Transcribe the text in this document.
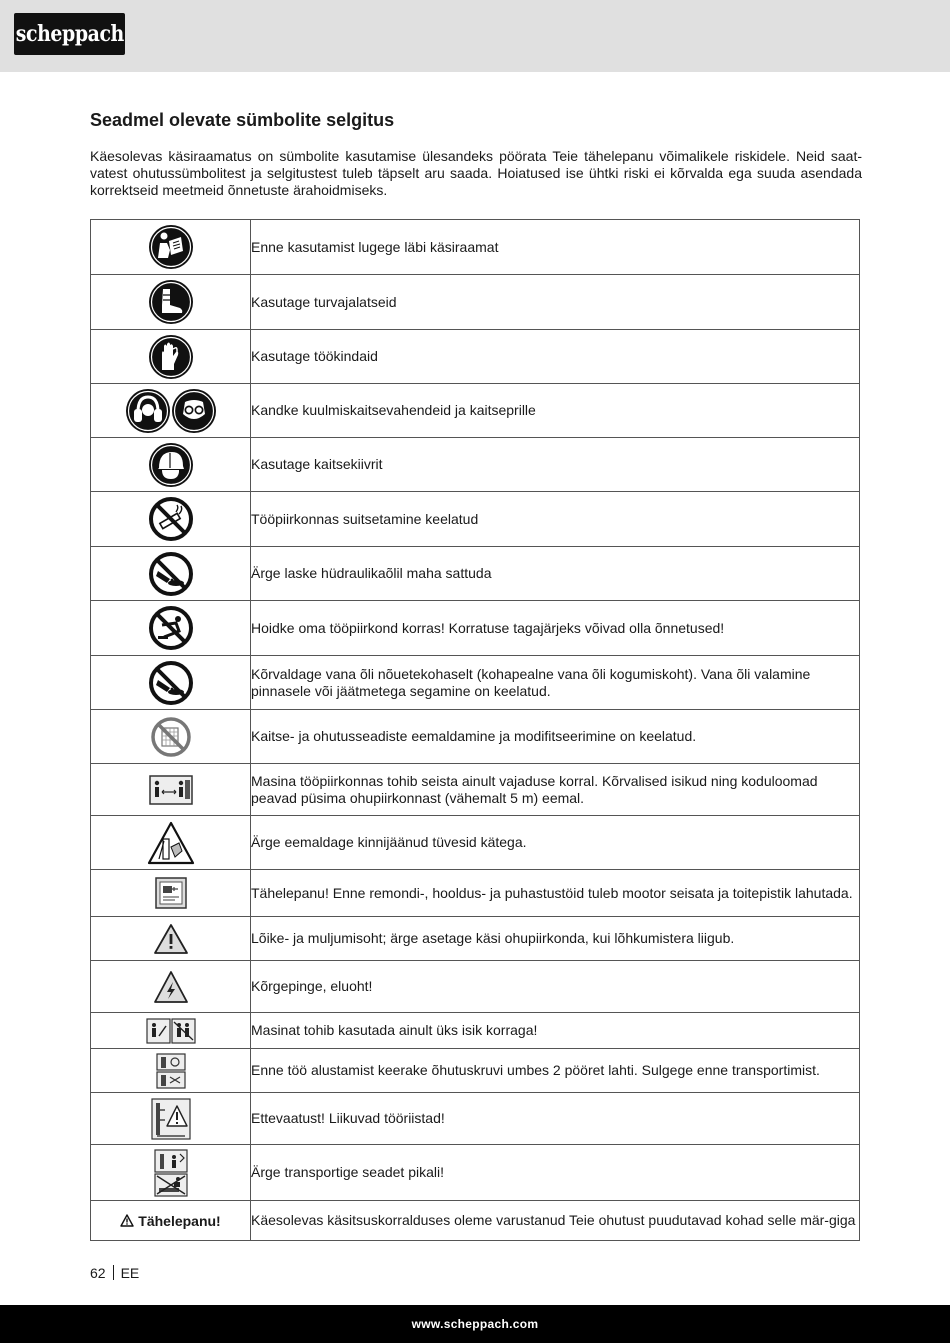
scheppach
Seadmel olevate sümbolite selgitus

Käesolevas käsiraamatus on sümbolite kasutamise ülesandeks pöörata Teie tähelepanu võimalikele riskidele. Neid saat-vatest ohutussümbolitest ja selgitustest tuleb täpselt aru saada. Hoiatused ise ühtki riski ei kõrvalda ega suuda asendada korrektseid meetmeid õnnetuste ärahoidmiseks.

	Enne kasutamist lugege läbi käsiraamat
	Kasutage turvajalatseid
	Kasutage töökindaid
	Kandke kuulmiskaitsevahendeid ja kaitseprille
	Kasutage kaitsekiivrit
	Tööpiirkonnas suitsetamine keelatud
	Ärge laske hüdraulikaõlil maha sattuda
	Hoidke oma tööpiirkond korras! Korratuse tagajärjeks võivad olla õnnetused!
	Kõrvaldage vana õli nõuetekohaselt (kohapealne vana õli kogumiskoht). Vana õli valamine pinnasele või jäätmetega segamine on keelatud.
	Kaitse- ja ohutusseadiste eemaldamine ja modifitseerimine on keelatud.
	Masina tööpiirkonnas tohib seista ainult vajaduse korral. Kõrvalised isikud ning koduloomad peavad püsima ohupiirkonnast (vähemalt 5 m) eemal.
	Ärge eemaldage kinnijäänud tüvesid kätega.
	Tähelepanu! Enne remondi-, hooldus- ja puhastustöid tuleb mootor seisata ja toitepistik lahutada.
	Lõike- ja muljumisoht; ärge asetage käsi ohupiirkonda, kui lõhkumistera liigub.
	Kõrgepinge, eluoht!
	Masinat tohib kasutada ainult üks isik korraga!
	Enne töö alustamist keerake õhutuskruvi umbes 2 pööret lahti. Sulgege enne transportimist.
	Ettevaatust! Liikuvad tööriistad!
	Ärge transportige seadet pikali!
Tähelepanu!	Käesolevas käsitsuskorralduses oleme varustanud Teie ohutust puudutavad kohad selle mär-giga
62 EE
www.scheppach.com
